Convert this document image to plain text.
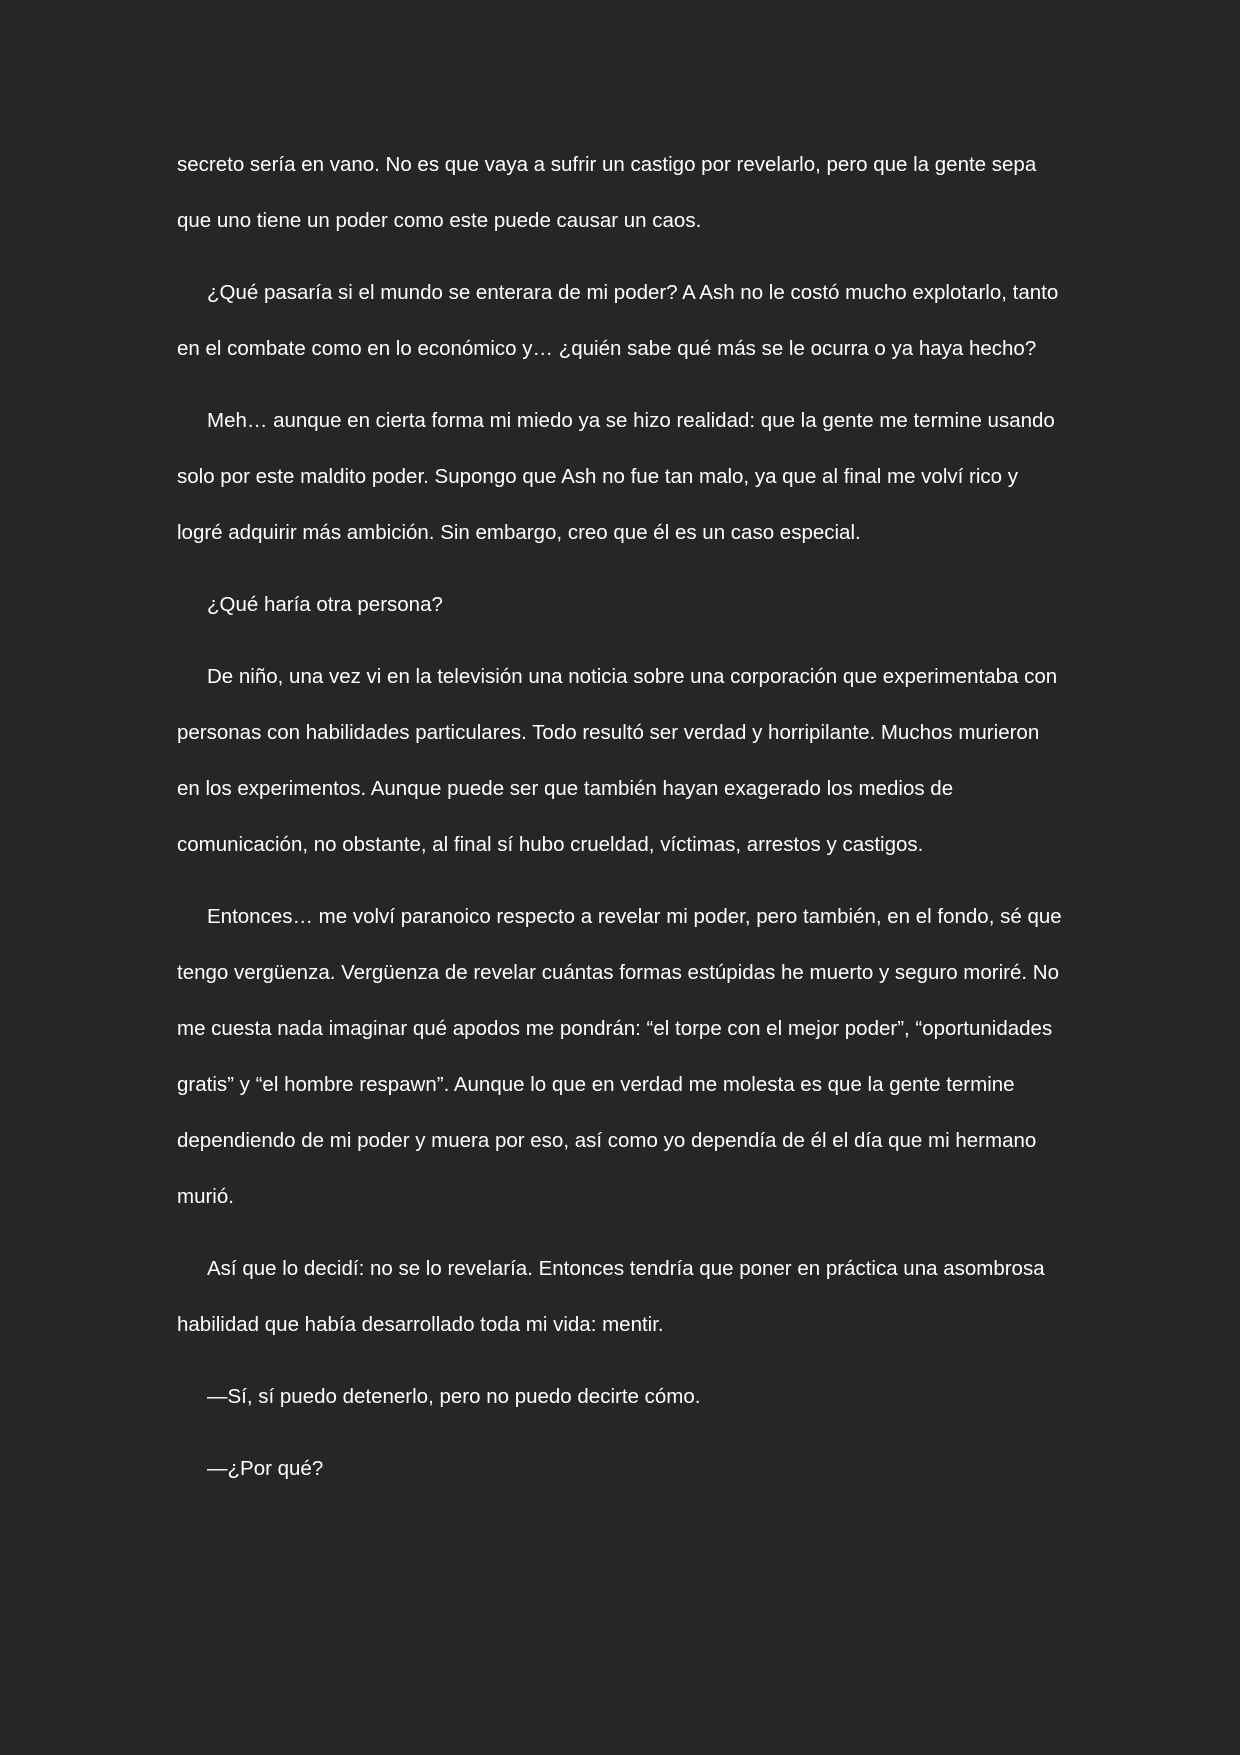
secreto sería en vano. No es que vaya a sufrir un castigo por revelarlo, pero que la gente sepa que uno tiene un poder como este puede causar un caos.

¿Qué pasaría si el mundo se enterara de mi poder? A Ash no le costó mucho explotarlo, tanto en el combate como en lo económico y… ¿quién sabe qué más se le ocurra o ya haya hecho?

Meh… aunque en cierta forma mi miedo ya se hizo realidad: que la gente me termine usando solo por este maldito poder. Supongo que Ash no fue tan malo, ya que al final me volví rico y logré adquirir más ambición. Sin embargo, creo que él es un caso especial.

¿Qué haría otra persona?

De niño, una vez vi en la televisión una noticia sobre una corporación que experimentaba con personas con habilidades particulares. Todo resultó ser verdad y horripilante. Muchos murieron en los experimentos. Aunque puede ser que también hayan exagerado los medios de comunicación, no obstante, al final sí hubo crueldad, víctimas, arrestos y castigos.

Entonces… me volví paranoico respecto a revelar mi poder, pero también, en el fondo, sé que tengo vergüenza. Vergüenza de revelar cuántas formas estúpidas he muerto y seguro moriré. No me cuesta nada imaginar qué apodos me pondrán: “el torpe con el mejor poder”, “oportunidades gratis” y “el hombre respawn”. Aunque lo que en verdad me molesta es que la gente termine dependiendo de mi poder y muera por eso, así como yo dependía de él el día que mi hermano murió.

Así que lo decidí: no se lo revelaría. Entonces tendría que poner en práctica una asombrosa habilidad que había desarrollado toda mi vida: mentir.

—Sí, sí puedo detenerlo, pero no puedo decirte cómo.

—¿Por qué?
